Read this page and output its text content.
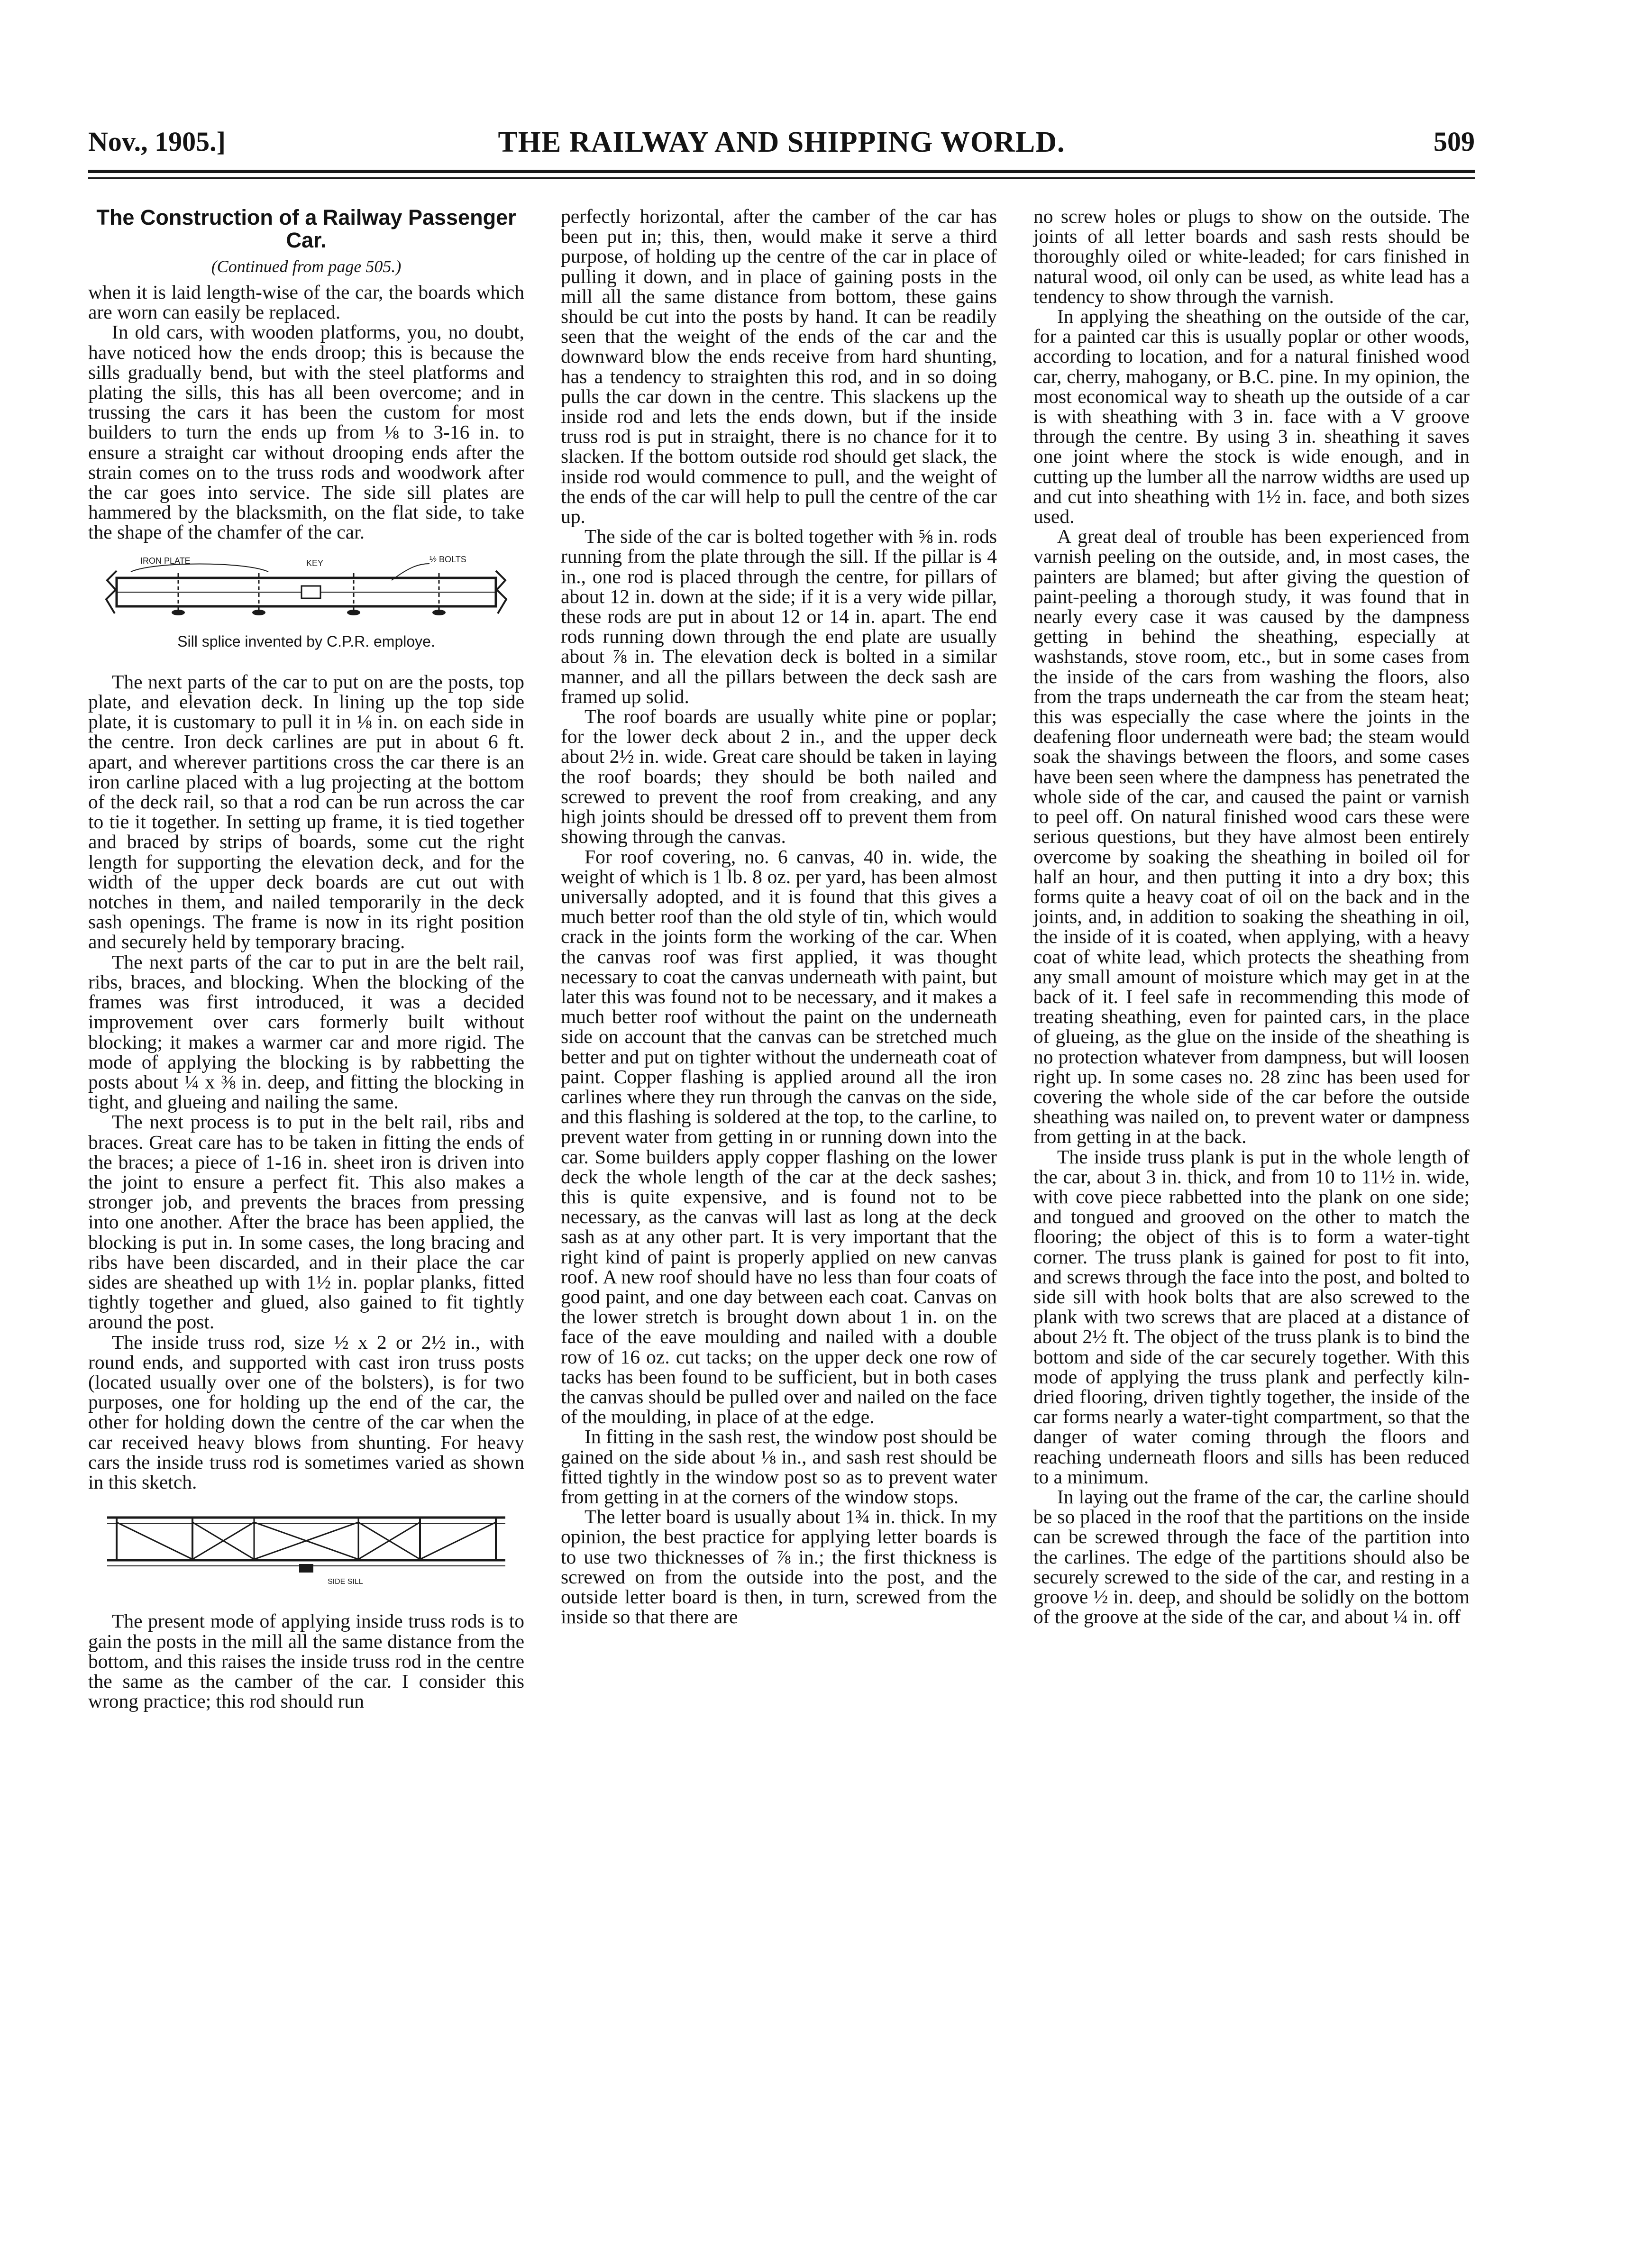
Nov., 1905.]	THE RAILWAY AND SHIPPING WORLD.	509
The Construction of a Railway Passenger Car.
(Continued from page 505.)

when it is laid length-wise of the car, the boards which are worn can easily be replaced.

In old cars, with wooden platforms, you, no doubt, have noticed how the ends droop; this is because the sills gradually bend, but with the steel platforms and plating the sills, this has all been overcome; and in trussing the cars it has been the custom for most builders to turn the ends up from ⅛ to 3-16 in. to ensure a straight car without drooping ends after the strain comes on to the truss rods and woodwork after the car goes into service. The side sill plates are hammered by the blacksmith, on the flat side, to take the shape of the chamfer of the car.

IRON PLATE	KEY	½ BOLTS
Sill splice invented by C.P.R. employe.

The next parts of the car to put on are the posts, top plate, and elevation deck. In lining up the top side plate, it is customary to pull it in ⅛ in. on each side in the centre. Iron deck carlines are put in about 6 ft. apart, and wherever partitions cross the car there is an iron carline placed with a lug projecting at the bottom of the deck rail, so that a rod can be run across the car to tie it together. In setting up frame, it is tied together and braced by strips of boards, some cut the right length for supporting the elevation deck, and for the width of the upper deck boards are cut out with notches in them, and nailed temporarily in the deck sash openings. The frame is now in its right position and securely held by temporary bracing.

The next parts of the car to put in are the belt rail, ribs, braces, and blocking. When the blocking of the frames was first introduced, it was a decided improvement over cars formerly built without blocking; it makes a warmer car and more rigid. The mode of applying the blocking is by rabbetting the posts about ¼ x ⅜ in. deep, and fitting the blocking in tight, and glueing and nailing the same.

The next process is to put in the belt rail, ribs and braces. Great care has to be taken in fitting the ends of the braces; a piece of 1-16 in. sheet iron is driven into the joint to ensure a perfect fit. This also makes a stronger job, and prevents the braces from pressing into one another. After the brace has been applied, the blocking is put in. In some cases, the long bracing and ribs have been discarded, and in their place the car sides are sheathed up with 1½ in. poplar planks, fitted tightly together and glued, also gained to fit tightly around the post.

The inside truss rod, size ½ x 2 or 2½ in., with round ends, and supported with cast iron truss posts (located usually over one of the bolsters), is for two purposes, one for holding up the end of the car, the other for holding down the centre of the car when the car received heavy blows from shunting. For heavy cars the inside truss rod is sometimes varied as shown in this sketch.

SIDE SILL

The present mode of applying inside truss rods is to gain the posts in the mill all the same distance from the bottom, and this raises the inside truss rod in the centre the same as the camber of the car. I consider this wrong practice; this rod should run

perfectly horizontal, after the camber of the car has been put in; this, then, would make it serve a third purpose, of holding up the centre of the car in place of pulling it down, and in place of gaining posts in the mill all the same distance from bottom, these gains should be cut into the posts by hand. It can be readily seen that the weight of the ends of the car and the downward blow the ends receive from hard shunting, has a tendency to straighten this rod, and in so doing pulls the car down in the centre. This slackens up the inside rod and lets the ends down, but if the inside truss rod is put in straight, there is no chance for it to slacken. If the bottom outside rod should get slack, the inside rod would commence to pull, and the weight of the ends of the car will help to pull the centre of the car up.

The side of the car is bolted together with ⅝ in. rods running from the plate through the sill. If the pillar is 4 in., one rod is placed through the centre, for pillars of about 12 in. down at the side; if it is a very wide pillar, these rods are put in about 12 or 14 in. apart. The end rods running down through the end plate are usually about ⅞ in. The elevation deck is bolted in a similar manner, and all the pillars between the deck sash are framed up solid.

The roof boards are usually white pine or poplar; for the lower deck about 2 in., and the upper deck about 2½ in. wide. Great care should be taken in laying the roof boards; they should be both nailed and screwed to prevent the roof from creaking, and any high joints should be dressed off to prevent them from showing through the canvas.

For roof covering, no. 6 canvas, 40 in. wide, the weight of which is 1 lb. 8 oz. per yard, has been almost universally adopted, and it is found that this gives a much better roof than the old style of tin, which would crack in the joints form the working of the car. When the canvas roof was first applied, it was thought necessary to coat the canvas underneath with paint, but later this was found not to be necessary, and it makes a much better roof without the paint on the underneath side on account that the canvas can be stretched much better and put on tighter without the underneath coat of paint. Copper flashing is applied around all the iron carlines where they run through the canvas on the side, and this flashing is soldered at the top, to the carline, to prevent water from getting in or running down into the car. Some builders apply copper flashing on the lower deck the whole length of the car at the deck sashes; this is quite expensive, and is found not to be necessary, as the canvas will last as long at the deck sash as at any other part. It is very important that the right kind of paint is properly applied on new canvas roof. A new roof should have no less than four coats of good paint, and one day between each coat. Canvas on the lower stretch is brought down about 1 in. on the face of the eave moulding and nailed with a double row of 16 oz. cut tacks; on the upper deck one row of tacks has been found to be sufficient, but in both cases the canvas should be pulled over and nailed on the face of the moulding, in place of at the edge.

In fitting in the sash rest, the window post should be gained on the side about ⅛ in., and sash rest should be fitted tightly in the window post so as to prevent water from getting in at the corners of the window stops.

The letter board is usually about 1¾ in. thick. In my opinion, the best practice for applying letter boards is to use two thicknesses of ⅞ in.; the first thickness is screwed on from the outside into the post, and the outside letter board is then, in turn, screwed from the inside so that there are

no screw holes or plugs to show on the outside. The joints of all letter boards and sash rests should be thoroughly oiled or white-leaded; for cars finished in natural wood, oil only can be used, as white lead has a tendency to show through the varnish.

In applying the sheathing on the outside of the car, for a painted car this is usually poplar or other woods, according to location, and for a natural finished wood car, cherry, mahogany, or B.C. pine. In my opinion, the most economical way to sheath up the outside of a car is with sheathing with 3 in. face with a V groove through the centre. By using 3 in. sheathing it saves one joint where the stock is wide enough, and in cutting up the lumber all the narrow widths are used up and cut into sheathing with 1½ in. face, and both sizes used.

A great deal of trouble has been experienced from varnish peeling on the outside, and, in most cases, the painters are blamed; but after giving the question of paint-peeling a thorough study, it was found that in nearly every case it was caused by the dampness getting in behind the sheathing, especially at washstands, stove room, etc., but in some cases from the inside of the cars from washing the floors, also from the traps underneath the car from the steam heat; this was especially the case where the joints in the deafening floor underneath were bad; the steam would soak the shavings between the floors, and some cases have been seen where the dampness has penetrated the whole side of the car, and caused the paint or varnish to peel off. On natural finished wood cars these were serious questions, but they have almost been entirely overcome by soaking the sheathing in boiled oil for half an hour, and then putting it into a dry box; this forms quite a heavy coat of oil on the back and in the joints, and, in addition to soaking the sheathing in oil, the inside of it is coated, when applying, with a heavy coat of white lead, which protects the sheathing from any small amount of moisture which may get in at the back of it. I feel safe in recommending this mode of treating sheathing, even for painted cars, in the place of glueing, as the glue on the inside of the sheathing is no protection whatever from dampness, but will loosen right up. In some cases no. 28 zinc has been used for covering the whole side of the car before the outside sheathing was nailed on, to prevent water or dampness from getting in at the back.

The inside truss plank is put in the whole length of the car, about 3 in. thick, and from 10 to 11½ in. wide, with cove piece rabbetted into the plank on one side; and tongued and grooved on the other to match the flooring; the object of this is to form a water-tight corner. The truss plank is gained for post to fit into, and screws through the face into the post, and bolted to side sill with hook bolts that are also screwed to the plank with two screws that are placed at a distance of about 2½ ft. The object of the truss plank is to bind the bottom and side of the car securely together. With this mode of applying the truss plank and perfectly kiln-dried flooring, driven tightly together, the inside of the car forms nearly a water-tight compartment, so that the danger of water coming through the floors and reaching underneath floors and sills has been reduced to a minimum.

In laying out the frame of the car, the carline should be so placed in the roof that the partitions on the inside can be screwed through the face of the partition into the carlines. The edge of the partitions should also be securely screwed to the side of the car, and resting in a groove ½ in. deep, and should be solidly on the bottom of the groove at the side of the car, and about ¼ in. off
